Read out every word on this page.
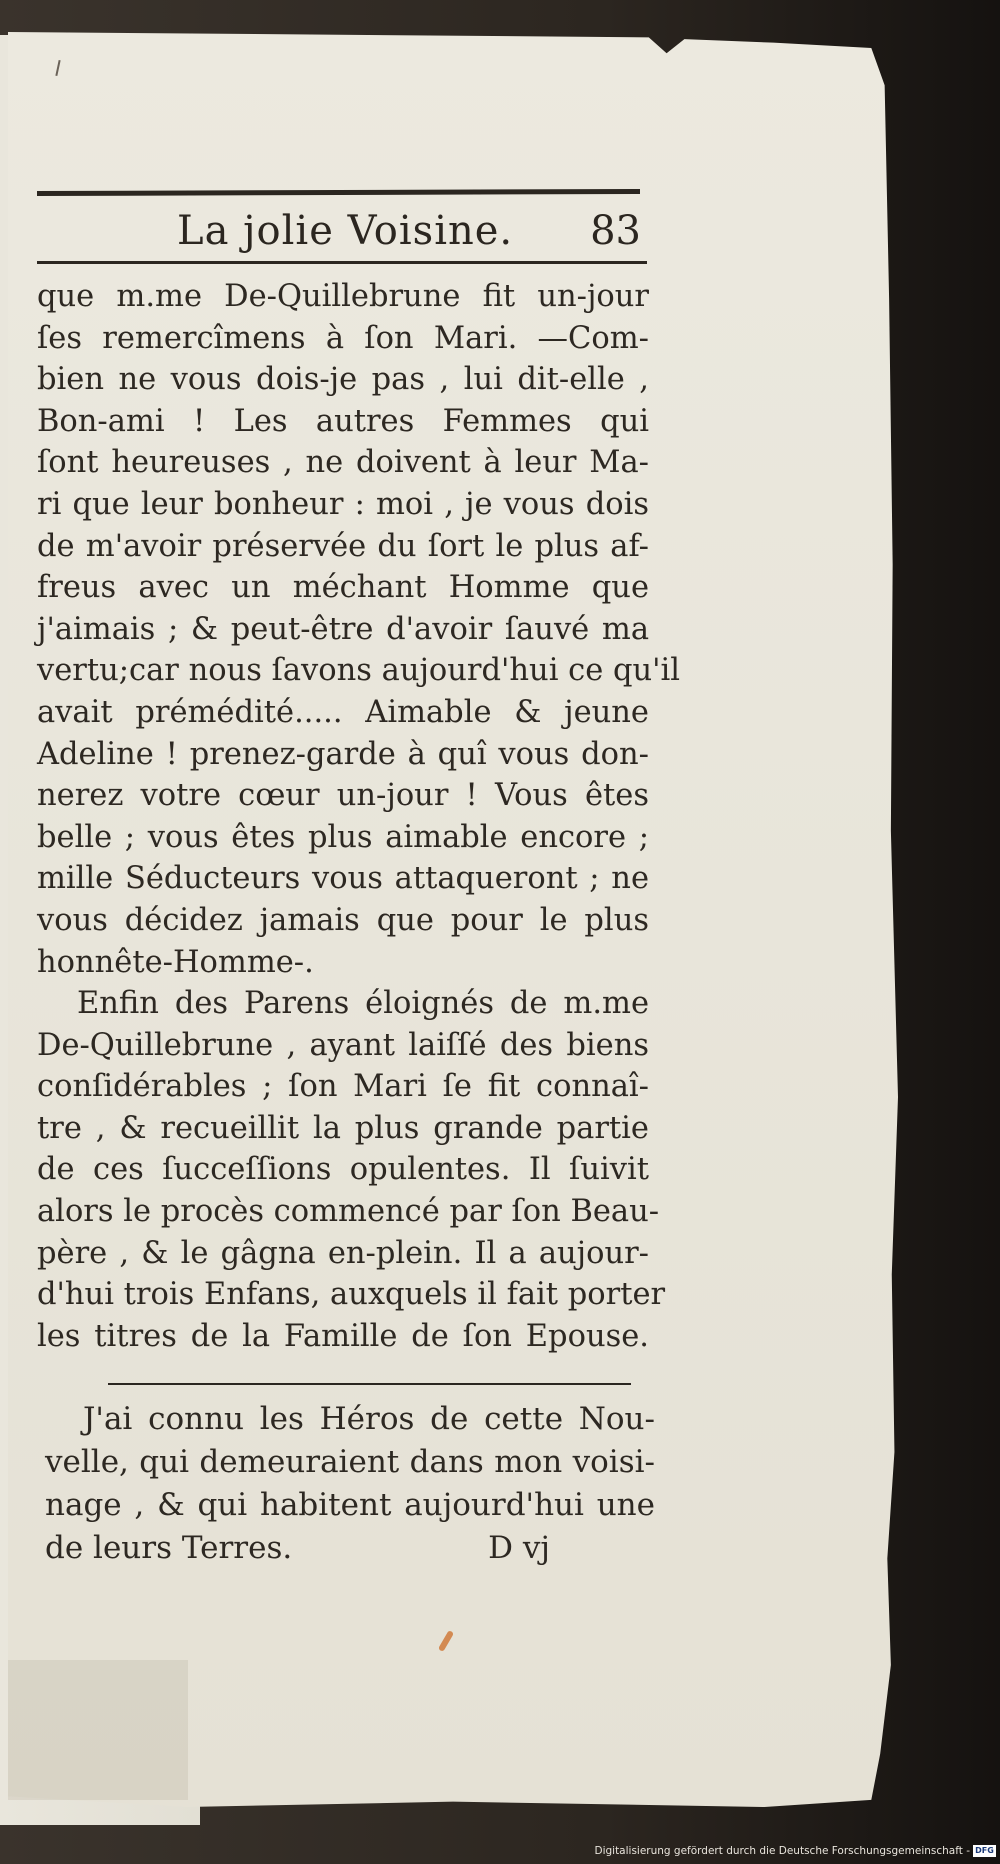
La jolie Voisine. 83
que m.me De-Quillebrune fit un-jour
ſes remercîmens à ſon Mari. —Com-
bien ne vous dois-je pas , lui dit-elle ,
Bon-ami ! Les autres Femmes qui
ſont heureuses , ne doivent à leur Ma-
ri que leur bonheur : moi , je vous dois
de m'avoir préservée du ſort le plus af-
freus avec un méchant Homme que
j'aimais ; & peut-être d'avoir ſauvé ma
vertu;car nous ſavons aujourd'hui ce qu'il
avait prémédité..... Aimable & jeune
Adeline ! prenez-garde à quî vous don-
nerez votre cœur un-jour ! Vous êtes
belle ; vous êtes plus aimable encore ;
mille Séducteurs vous attaqueront ; ne
vous décidez jamais que pour le plus
honnête-Homme-.
Enfin des Parens éloignés de m.me
De-Quillebrune , ayant laiſſé des biens
conſidérables ; ſon Mari ſe fit connaî-
tre , & recueillit la plus grande partie
de ces ſucceſſions opulentes. Il ſuivit
alors le procès commencé par ſon Beau-
père , & le gâgna en-plein. Il a aujour-
d'hui trois Enfans, auxquels il fait porter
les titres de la Famille de ſon Epouse.
J'ai connu les Héros de cette Nou-
velle, qui demeuraient dans mon voisi-
nage , & qui habitent aujourd'hui une
de leurs Terres.	D vj
Digitalisierung gefördert durch die Deutsche Forschungsgemeinschaft - DFG
